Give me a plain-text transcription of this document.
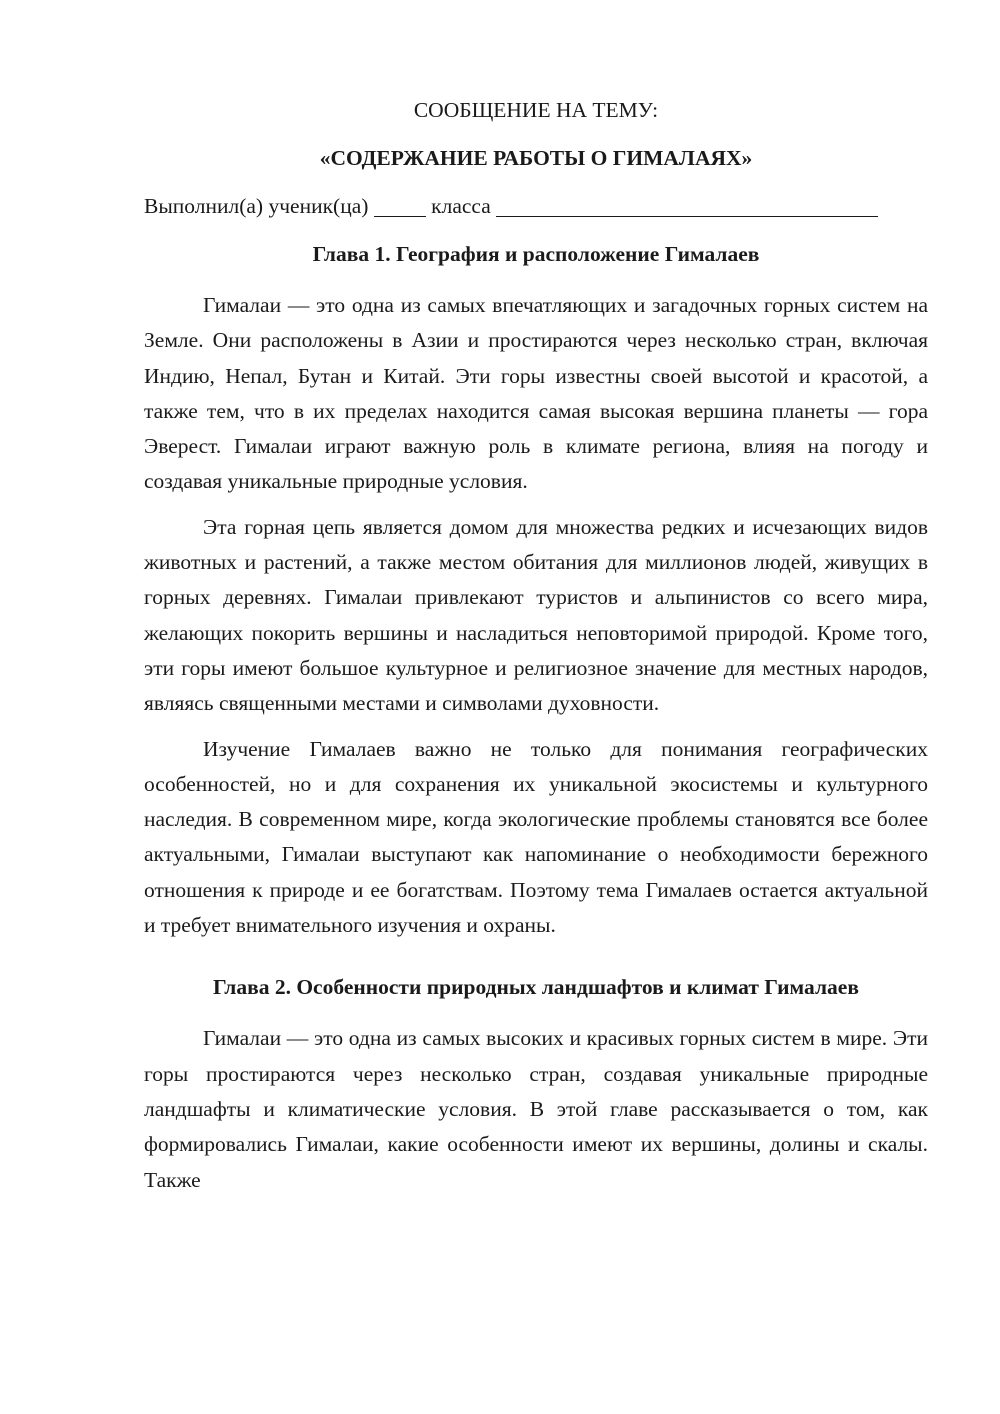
СООБЩЕНИЕ НА ТЕМУ:

«СОДЕРЖАНИЕ РАБОТЫ О ГИМАЛАЯХ»

Выполнил(а) ученик(ца)	класса

Глава 1. География и расположение Гималаев

Гималаи — это одна из самых впечатляющих и загадочных горных систем на Земле. Они расположены в Азии и простираются через несколько стран, включая Индию, Непал, Бутан и Китай. Эти горы известны своей высотой и красотой, а также тем, что в их пределах находится самая высокая вершина планеты — гора Эверест. Гималаи играют важную роль в климате региона, влияя на погоду и создавая уникальные природные условия.

Эта горная цепь является домом для множества редких и исчезающих видов животных и растений, а также местом обитания для миллионов людей, живущих в горных деревнях. Гималаи привлекают туристов и альпинистов со всего мира, желающих покорить вершины и насладиться неповторимой природой. Кроме того, эти горы имеют большое культурное и религиозное значение для местных народов, являясь священными местами и символами духовности.

Изучение Гималаев важно не только для понимания географических особенностей, но и для сохранения их уникальной экосистемы и культурного наследия. В современном мире, когда экологические проблемы становятся все более актуальными, Гималаи выступают как напоминание о необходимости бережного отношения к природе и ее богатствам. Поэтому тема Гималаев остается актуальной и требует внимательного изучения и охраны.

Глава 2. Особенности природных ландшафтов и климат Гималаев

Гималаи — это одна из самых высоких и красивых горных систем в мире. Эти горы простираются через несколько стран, создавая уникальные природные ландшафты и климатические условия. В этой главе рассказывается о том, как формировались Гималаи, какие особенности имеют их вершины, долины и скалы. Также
